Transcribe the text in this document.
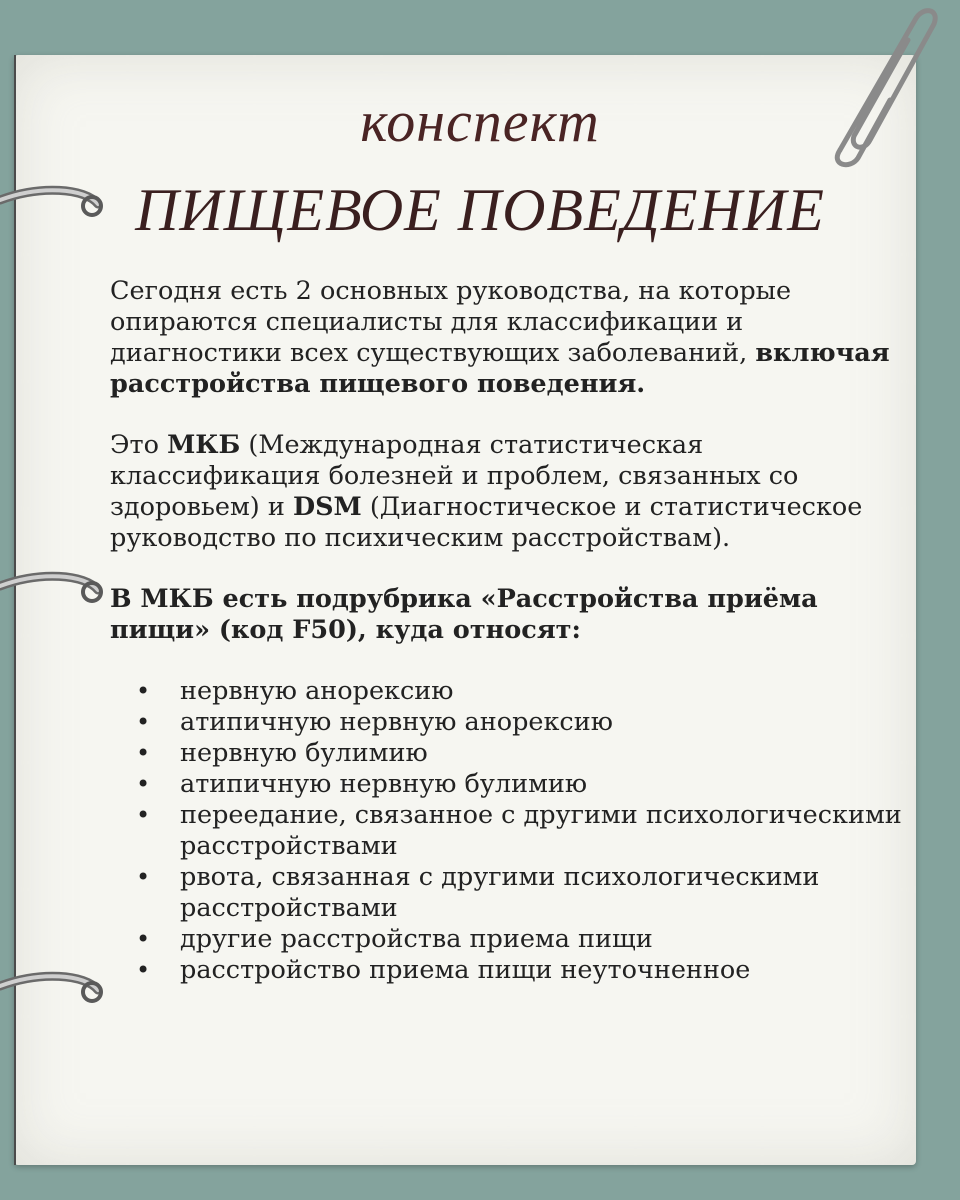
конспект
ПИЩЕВОЕ ПОВЕДЕНИЕ

Сегодня есть 2 основных руководства, на которые опираются специалисты для классификации и диагностики всех существующих заболеваний, включая расстройства пищевого поведения.

Это МКБ (Международная статистическая классификация болезней и проблем, связанных со здоровьем) и DSM (Диагностическое и статистическое руководство по психическим расстройствам).

В МКБ есть подрубрика «Расстройства приёма пищи» (код F50), куда относят:

• нервную анорексию
• атипичную нервную анорексию
• нервную булимию
• атипичную нервную булимию
• переедание, связанное с другими психологическими расстройствами
• рвота, связанная с другими психологическими расстройствами
• другие расстройства приема пищи
• расстройство приема пищи неуточненное
